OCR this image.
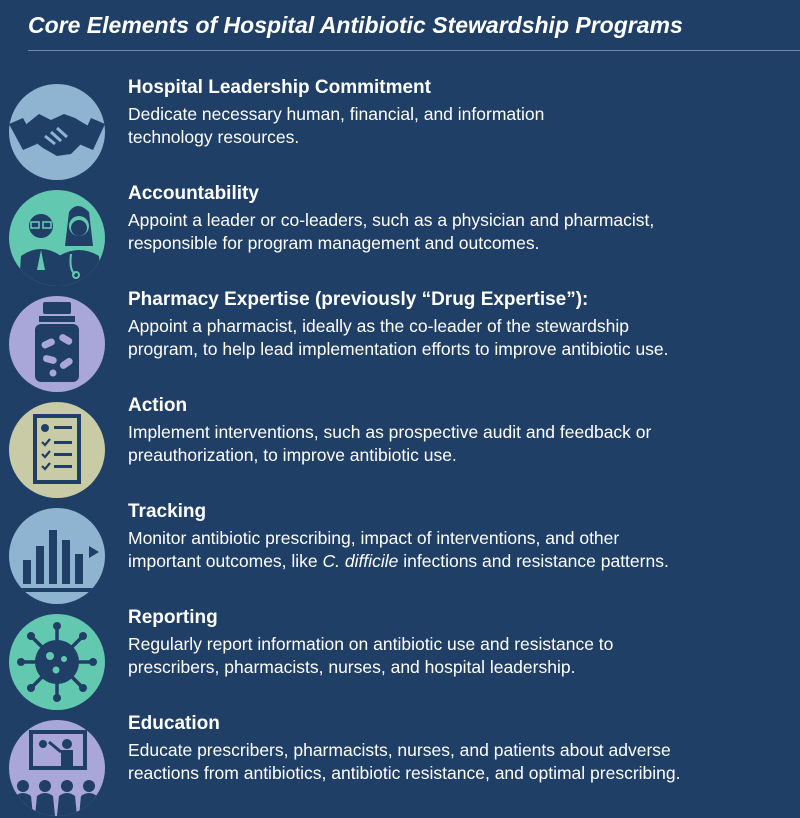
Core Elements of Hospital Antibiotic Stewardship Programs
Hospital Leadership Commitment
Dedicate necessary human, financial, and information
technology resources.
Accountability
Appoint a leader or co-leaders, such as a physician and pharmacist,
responsible for program management and outcomes.
Pharmacy Expertise (previously “Drug Expertise”):
Appoint a pharmacist, ideally as the co-leader of the stewardship
program, to help lead implementation efforts to improve antibiotic use.
Action
Implement interventions, such as prospective audit and feedback or
preauthorization, to improve antibiotic use.
Tracking
Monitor antibiotic prescribing, impact of interventions, and other
important outcomes, like C. difficile infections and resistance patterns.
Reporting
Regularly report information on antibiotic use and resistance to
prescribers, pharmacists, nurses, and hospital leadership.
Education
Educate prescribers, pharmacists, nurses, and patients about adverse
reactions from antibiotics, antibiotic resistance, and optimal prescribing.
